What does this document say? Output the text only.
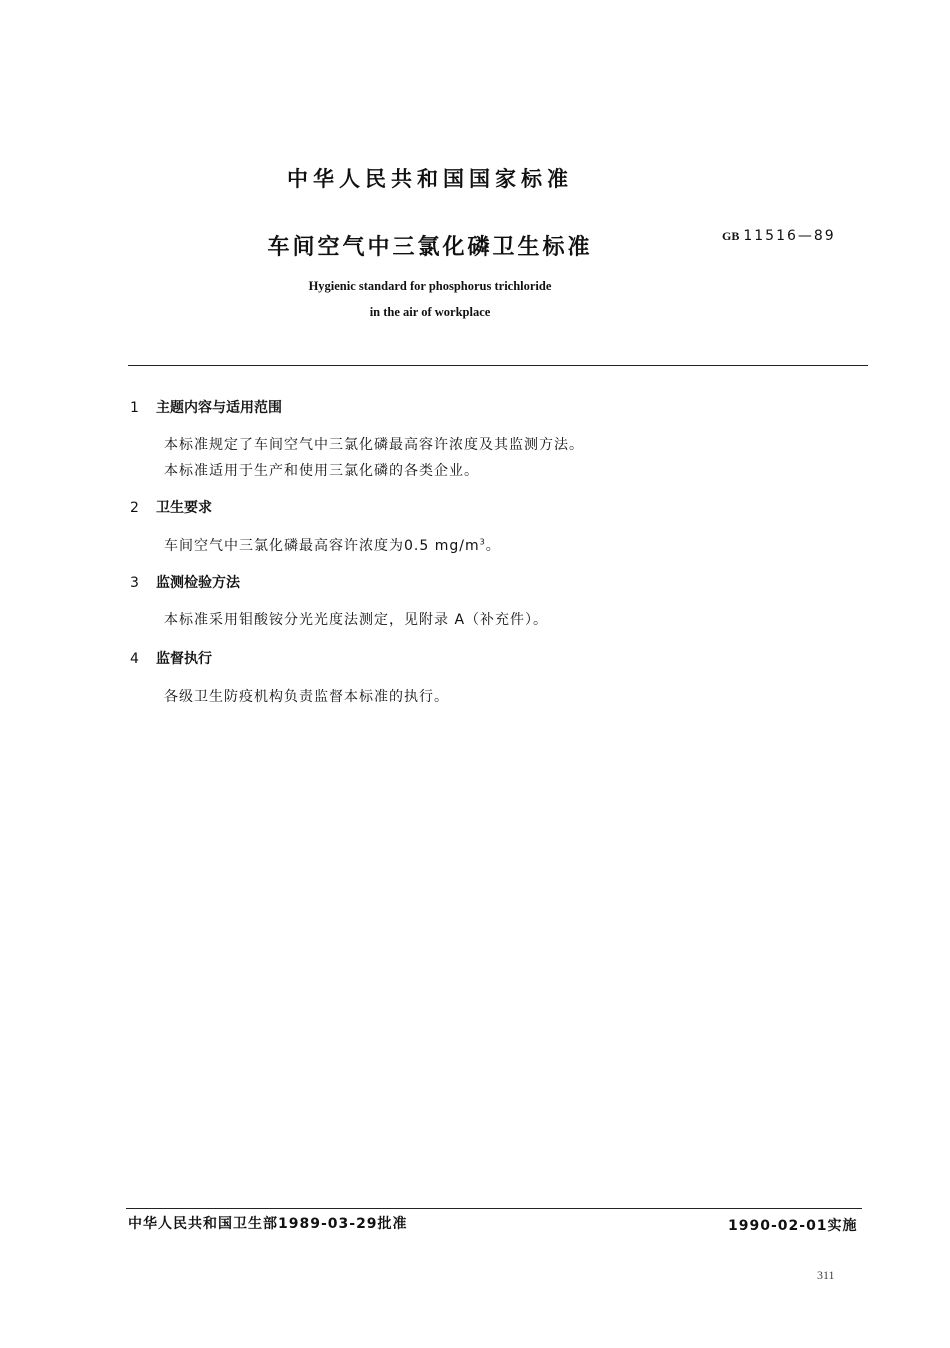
中华人民共和国国家标准
车间空气中三氯化磷卫生标准	GB 11516—89
Hygienic standard for phosphorus trichloride
in the air of workplace
1 主题内容与适用范围
本标准规定了车间空气中三氯化磷最高容许浓度及其监测方法。
本标准适用于生产和使用三氯化磷的各类企业。
2 卫生要求
车间空气中三氯化磷最高容许浓度为0.5 $mg/m^3$。
3 监测检验方法
本标准采用钼酸铵分光光度法测定，见附录 A（补充件）。
4 监督执行
各级卫生防疫机构负责监督本标准的执行。
中华人民共和国卫生部1989-03-29批准	1990-02-01实施
311
